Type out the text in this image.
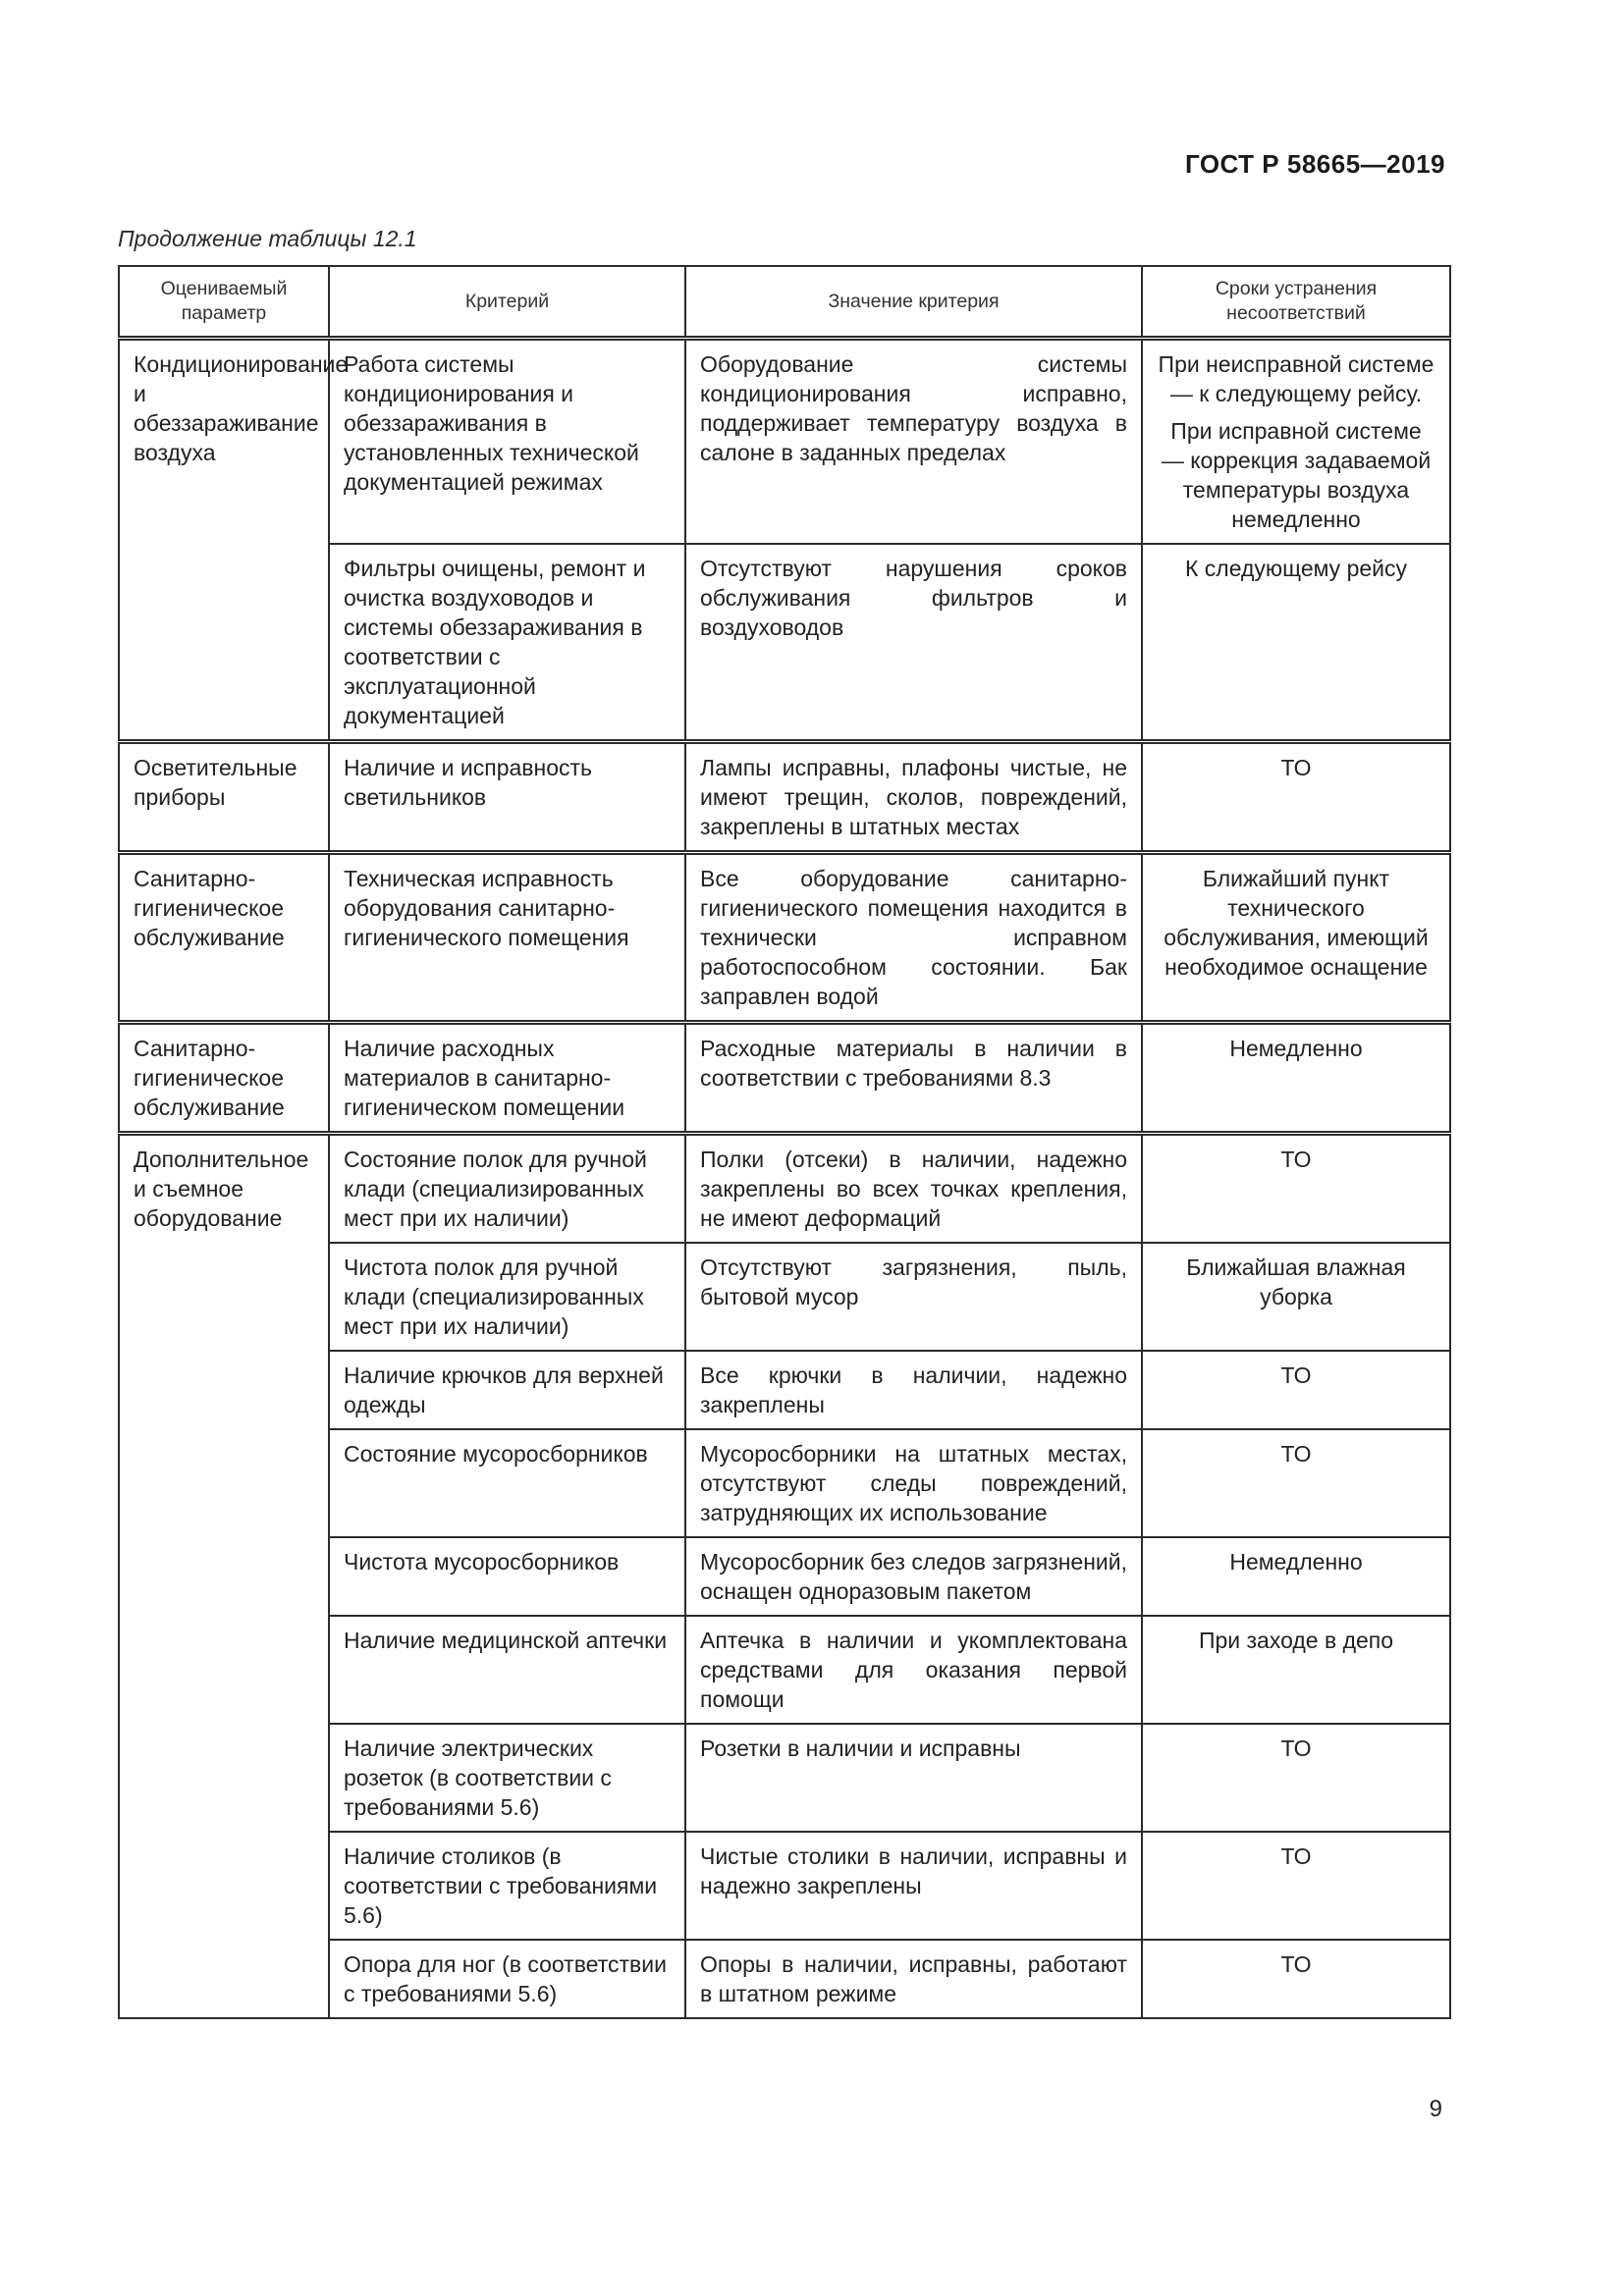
ГОСТ Р 58665—2019
Продолжение таблицы 12.1
Оцениваемый параметр	Критерий	Значение критерия	Сроки устранения несоответствий
Кондиционирование и обеззараживание воздуха	Работа системы кондиционирования и обеззараживания в установленных технической документацией режимах	Оборудование системы кондиционирования исправно, поддерживает температуру воздуха в салоне в заданных пределах	При неисправной системе — к следующему рейсу.

При исправной системе — коррекция задаваемой температуры воздуха немедленно

	Фильтры очищены, ремонт и очистка воздуховодов и системы обеззараживания в соответствии с эксплуатационной документацией	Отсутствуют нарушения сроков обслуживания фильтров и воздуховодов	К следующему рейсу

Осветительные приборы	Наличие и исправность светильников	Лампы исправны, плафоны чистые, не имеют трещин, сколов, повреждений, закреплены в штатных местах	ТО

Санитарно-гигиеническое обслуживание	Техническая исправность оборудования санитарно-гигиенического помещения	Все оборудование санитарно-гигиенического помещения находится в технически исправном работоспособном состоянии. Бак заправлен водой	Ближайший пункт технического обслуживания, имеющий необходимое оснащение

Санитарно-гигиеническое обслуживание	Наличие расходных материалов в санитарно-гигиеническом помещении	Расходные материалы в наличии в соответствии с требованиями 8.3	Немедленно

Дополнительное и съемное оборудование	Состояние полок для ручной клади (специализированных мест при их наличии)	Полки (отсеки) в наличии, надежно закреплены во всех точках крепления, не имеют деформаций	ТО

	Чистота полок для ручной клади (специализированных мест при их наличии)	Отсутствуют загрязнения, пыль, бытовой мусор	Ближайшая влажная уборка

	Наличие крючков для верхней одежды	Все крючки в наличии, надежно закреплены	ТО

	Состояние мусоросборников	Мусоросборники на штатных местах, отсутствуют следы повреждений, затрудняющих их использование	ТО

	Чистота мусоросборников	Мусоросборник без следов загрязнений, оснащен одноразовым пакетом	Немедленно

	Наличие медицинской аптечки	Аптечка в наличии и укомплектована средствами для оказания первой помощи	При заходе в депо

	Наличие электрических розеток (в соответствии с требованиями 5.6)	Розетки в наличии и исправны	ТО

	Наличие столиков (в соответствии с требованиями 5.6)	Чистые столики в наличии, исправны и надежно закреплены	ТО

	Опора для ног (в соответствии с требованиями 5.6)	Опоры в наличии, исправны, работают в штатном режиме	ТО

9
